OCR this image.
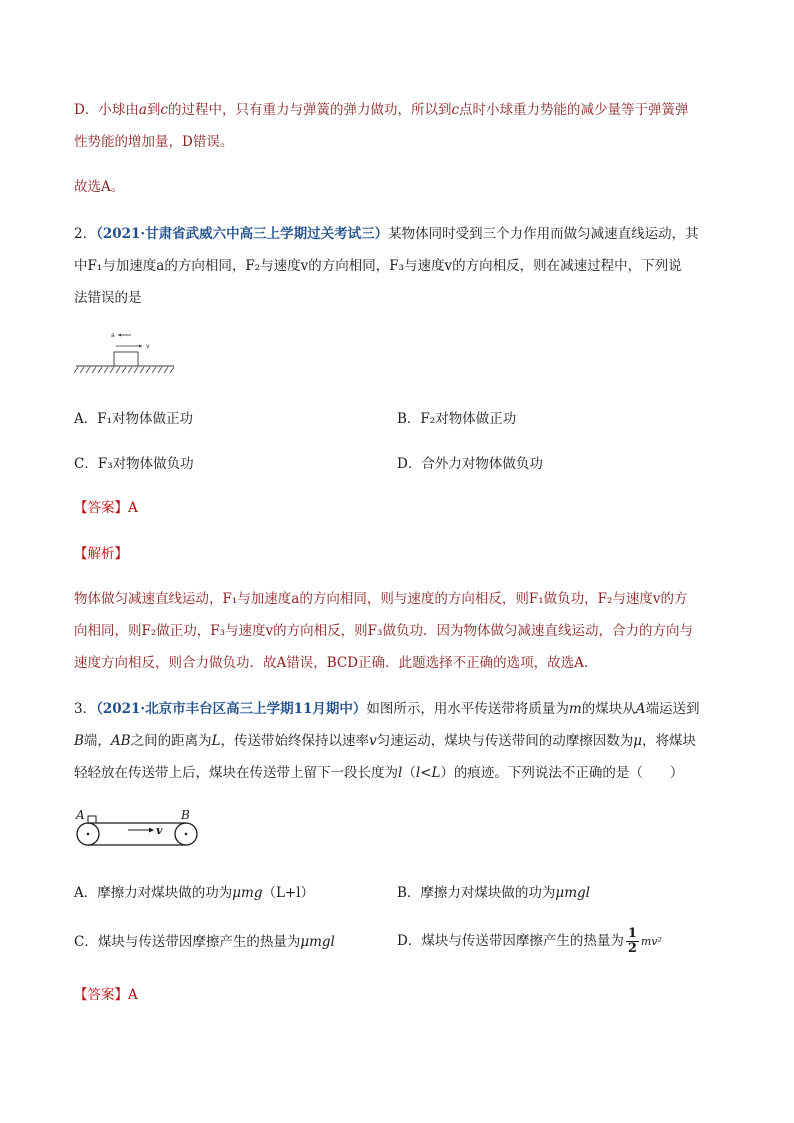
D．小球由a到c的过程中，只有重力与弹簧的弹力做功，所以到c点时小球重力势能的减少量等于弹簧弹
性势能的增加量，D错误。
故选A。
2．（2021·甘肃省武威六中高三上学期过关考试三）某物体同时受到三个力作用而做匀减速直线运动，其
中F₁与加速度a的方向相同，F₂与速度v的方向相同，F₃与速度v的方向相反，则在减速过程中，下列说
法错误的是
a
v
A．F₁对物体做正功	B．F₂对物体做正功
C．F₃对物体做负功	D．合外力对物体做负功
【答案】A
【解析】
物体做匀减速直线运动，F₁与加速度a的方向相同，则与速度的方向相反，则F₁做负功，F₂与速度v的方
向相同，则F₂做正功，F₃与速度v的方向相反，则F₃做负功．因为物体做匀减速直线运动，合力的方向与
速度方向相反，则合力做负功．故A错误，BCD正确．此题选择不正确的选项，故选A．
3．（2021·北京市丰台区高三上学期11月期中）如图所示，用水平传送带将质量为m的煤块从A端运送到
B端，AB之间的距离为L，传送带始终保持以速率v匀速运动，煤块与传送带间的动摩擦因数为μ，将煤块
轻轻放在传送带上后，煤块在传送带上留下一段长度为l（l<L）的痕迹。下列说法不正确的是（　　）
A	B
v
A．摩擦力对煤块做的功为μmg（L+l）	B．摩擦力对煤块做的功为μmgl
C．煤块与传送带因摩擦产生的热量为μmgl	D．煤块与传送带因摩擦产生的热量为 $\frac{1}{2} mv^2$
【答案】A
